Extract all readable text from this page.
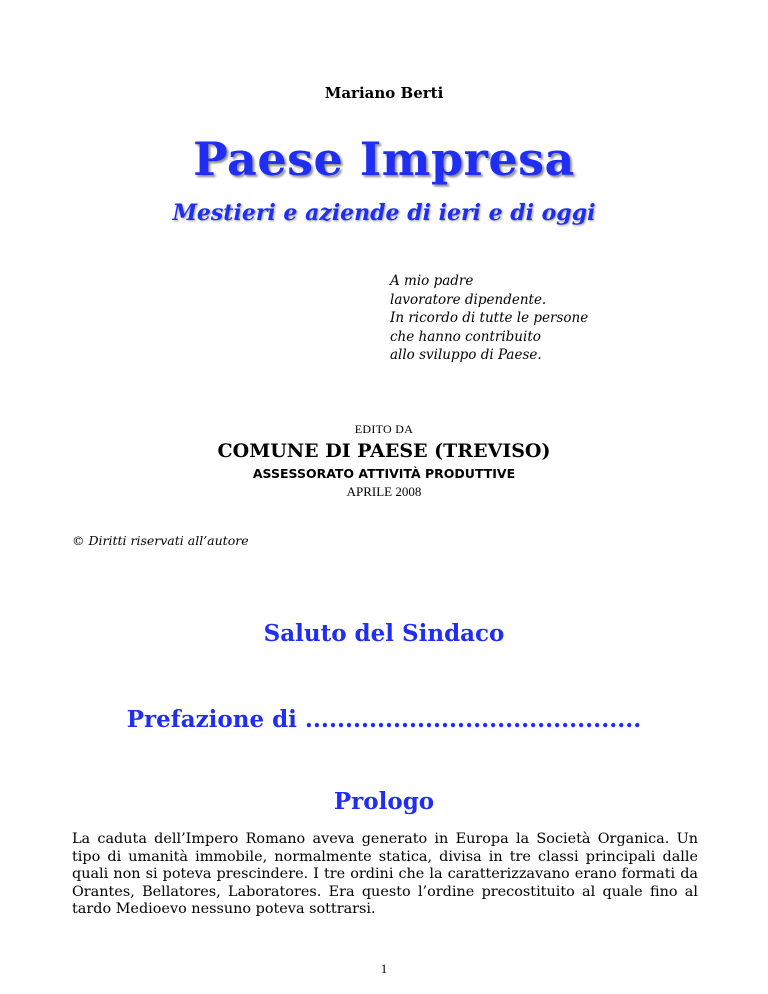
Mariano Berti
Paese Impresa
Mestieri e aziende di ieri e di oggi
A mio padre
lavoratore dipendente.
In ricordo di tutte le persone
che hanno contribuito
allo sviluppo di Paese.
EDITO DA
COMUNE DI PAESE (TREVISO)
ASSESSORATO ATTIVITÀ PRODUTTIVE
APRILE 2008
© Diritti riservati all’autore
Saluto del Sindaco
Prefazione di ..........................................
Prologo
La caduta dell’Impero Romano aveva generato in Europa la Società Organica. Un tipo di umanità immobile, normalmente statica, divisa in tre classi principali dalle quali non si poteva prescindere. I tre ordini che la caratterizzavano erano formati da Orantes, Bellatores, Laboratores. Era questo l’ordine precostituito al quale fino al tardo Medioevo nessuno poteva sottrarsi.
1
